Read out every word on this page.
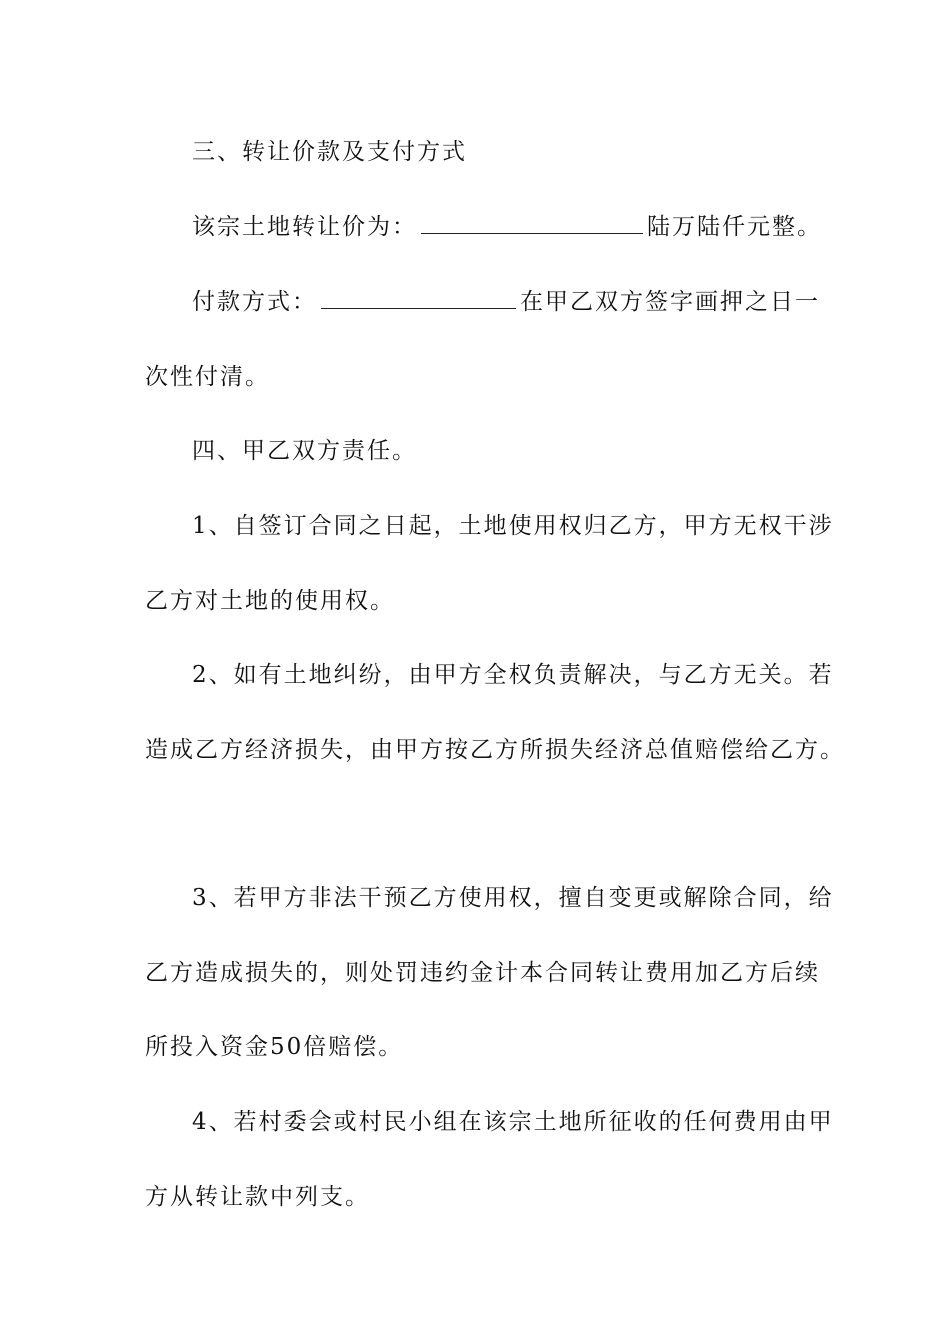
三、转让价款及支付方式
该宗土地转让价为：	陆万陆仟元整。
付款方式：	在甲乙双方签字画押之日一
次性付清。
四、甲乙双方责任。
1、自签订合同之日起，土地使用权归乙方，甲方无权干涉
乙方对土地的使用权。
2、如有土地纠纷，由甲方全权负责解决，与乙方无关。若
造成乙方经济损失，由甲方按乙方所损失经济总值赔偿给乙方。
3、若甲方非法干预乙方使用权，擅自变更或解除合同，给
乙方造成损失的，则处罚违约金计本合同转让费用加乙方后续
所投入资金50倍赔偿。
4、若村委会或村民小组在该宗土地所征收的任何费用由甲
方从转让款中列支。
